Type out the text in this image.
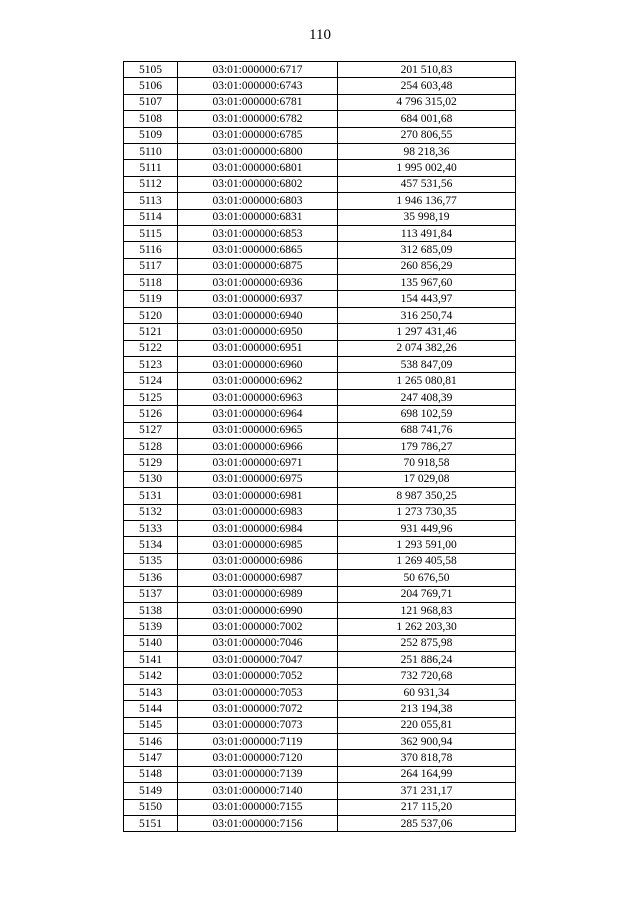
110
5105	03:01:000000:6717	201 510,83
5106	03:01:000000:6743	254 603,48
5107	03:01:000000:6781	4 796 315,02
5108	03:01:000000:6782	684 001,68
5109	03:01:000000:6785	270 806,55
5110	03:01:000000:6800	98 218,36
5111	03:01:000000:6801	1 995 002,40
5112	03:01:000000:6802	457 531,56
5113	03:01:000000:6803	1 946 136,77
5114	03:01:000000:6831	35 998,19
5115	03:01:000000:6853	113 491,84
5116	03:01:000000:6865	312 685,09
5117	03:01:000000:6875	260 856,29
5118	03:01:000000:6936	135 967,60
5119	03:01:000000:6937	154 443,97
5120	03:01:000000:6940	316 250,74
5121	03:01:000000:6950	1 297 431,46
5122	03:01:000000:6951	2 074 382,26
5123	03:01:000000:6960	538 847,09
5124	03:01:000000:6962	1 265 080,81
5125	03:01:000000:6963	247 408,39
5126	03:01:000000:6964	698 102,59
5127	03:01:000000:6965	688 741,76
5128	03:01:000000:6966	179 786,27
5129	03:01:000000:6971	70 918,58
5130	03:01:000000:6975	17 029,08
5131	03:01:000000:6981	8 987 350,25
5132	03:01:000000:6983	1 273 730,35
5133	03:01:000000:6984	931 449,96
5134	03:01:000000:6985	1 293 591,00
5135	03:01:000000:6986	1 269 405,58
5136	03:01:000000:6987	50 676,50
5137	03:01:000000:6989	204 769,71
5138	03:01:000000:6990	121 968,83
5139	03:01:000000:7002	1 262 203,30
5140	03:01:000000:7046	252 875,98
5141	03:01:000000:7047	251 886,24
5142	03:01:000000:7052	732 720,68
5143	03:01:000000:7053	60 931,34
5144	03:01:000000:7072	213 194,38
5145	03:01:000000:7073	220 055,81
5146	03:01:000000:7119	362 900,94
5147	03:01:000000:7120	370 818,78
5148	03:01:000000:7139	264 164,99
5149	03:01:000000:7140	371 231,17
5150	03:01:000000:7155	217 115,20
5151	03:01:000000:7156	285 537,06
